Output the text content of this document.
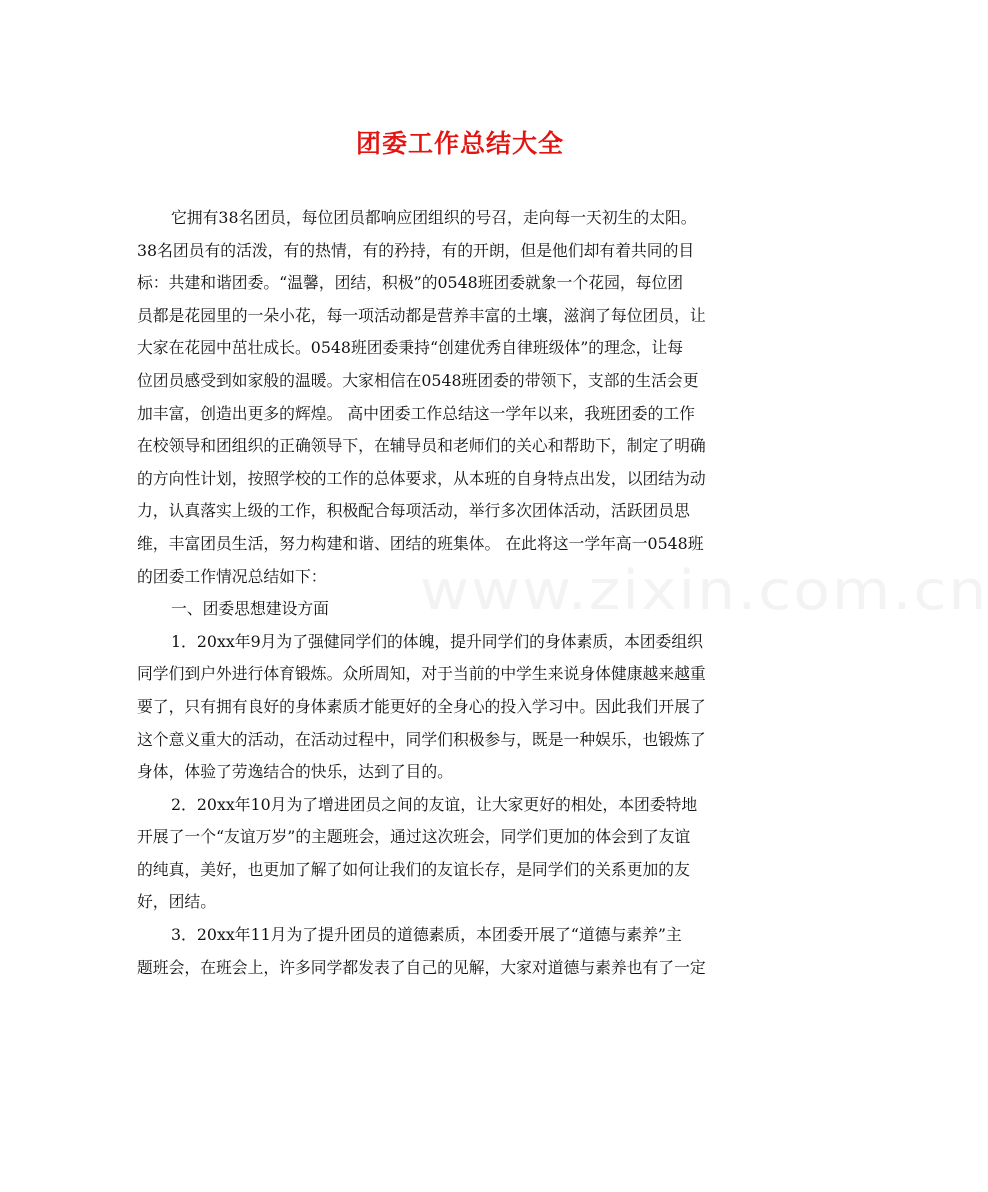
www.zixin.com.cn
团委工作总结大全
它拥有38名团员，每位团员都响应团组织的号召，走向每一天初生的太阳。
38名团员有的活泼，有的热情，有的矜持，有的开朗，但是他们却有着共同的目
标：共建和谐团委。“温馨，团结，积极”的0548班团委就象一个花园，每位团
员都是花园里的一朵小花，每一项活动都是营养丰富的土壤，滋润了每位团员，让
大家在花园中茁壮成长。0548班团委秉持“创建优秀自律班级体”的理念，让每
位团员感受到如家般的温暖。大家相信在0548班团委的带领下，支部的生活会更
加丰富，创造出更多的辉煌。 高中团委工作总结这一学年以来，我班团委的工作
在校领导和团组织的正确领导下，在辅导员和老师们的关心和帮助下，制定了明确
的方向性计划，按照学校的工作的总体要求，从本班的自身特点出发，以团结为动
力，认真落实上级的工作，积极配合每项活动，举行多次团体活动，活跃团员思
维，丰富团员生活，努力构建和谐、团结的班集体。 在此将这一学年高一0548班
的团委工作情况总结如下：
一、团委思想建设方面
1．20xx年9月为了强健同学们的体魄，提升同学们的身体素质，本团委组织
同学们到户外进行体育锻炼。众所周知，对于当前的中学生来说身体健康越来越重
要了，只有拥有良好的身体素质才能更好的全身心的投入学习中。因此我们开展了
这个意义重大的活动，在活动过程中，同学们积极参与，既是一种娱乐，也锻炼了
身体，体验了劳逸结合的快乐，达到了目的。
2．20xx年10月为了增进团员之间的友谊，让大家更好的相处，本团委特地
开展了一个“友谊万岁”的主题班会，通过这次班会，同学们更加的体会到了友谊
的纯真，美好，也更加了解了如何让我们的友谊长存，是同学们的关系更加的友
好，团结。
3．20xx年11月为了提升团员的道德素质，本团委开展了“道德与素养”主
题班会，在班会上，许多同学都发表了自己的见解，大家对道德与素养也有了一定
